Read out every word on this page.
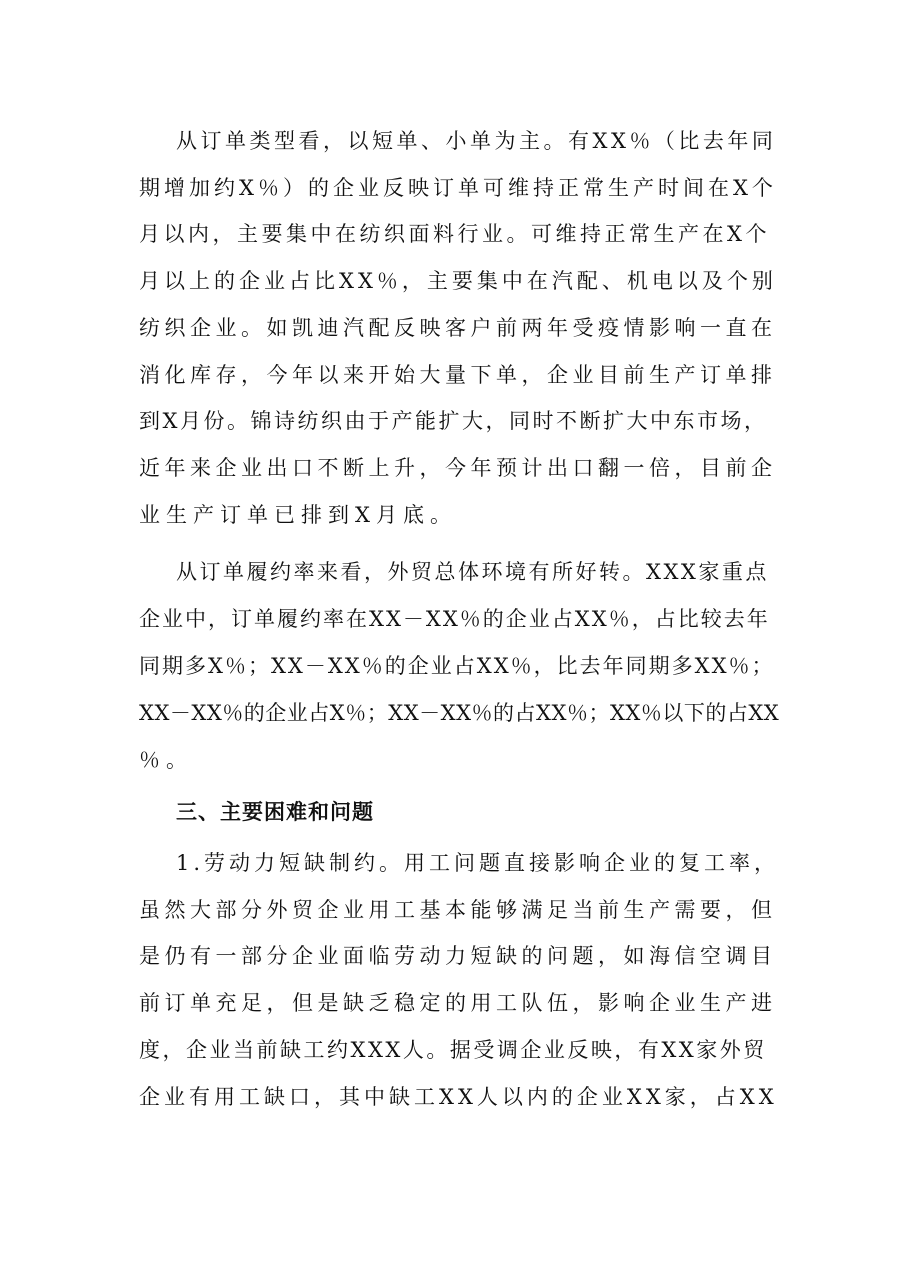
从订单类型看，以短单、小单为主。有XX％（比去年同
期增加约X％）的企业反映订单可维持正常生产时间在X个
月以内，主要集中在纺织面料行业。可维持正常生产在X个
月以上的企业占比XX％，主要集中在汽配、机电以及个别
纺织企业。如凯迪汽配反映客户前两年受疫情影响一直在
消化库存，今年以来开始大量下单，企业目前生产订单排
到X月份。锦诗纺织由于产能扩大，同时不断扩大中东市场，
近年来企业出口不断上升，今年预计出口翻一倍，目前企
业生产订单已排到X月底。
从订单履约率来看，外贸总体环境有所好转。XXX家重点
企业中，订单履约率在XX－XX％的企业占XX％，占比较去年
同期多X％；XX－XX％的企业占XX％，比去年同期多XX％；
XX－XX％的企业占X％；XX－XX％的占XX％；XX％以下的占XX
％。
三、主要困难和问题
1.劳动力短缺制约。用工问题直接影响企业的复工率，
虽然大部分外贸企业用工基本能够满足当前生产需要，但
是仍有一部分企业面临劳动力短缺的问题，如海信空调目
前订单充足，但是缺乏稳定的用工队伍，影响企业生产进
度，企业当前缺工约XXX人。据受调企业反映，有XX家外贸
企业有用工缺口，其中缺工XX人以内的企业XX家，占XX
